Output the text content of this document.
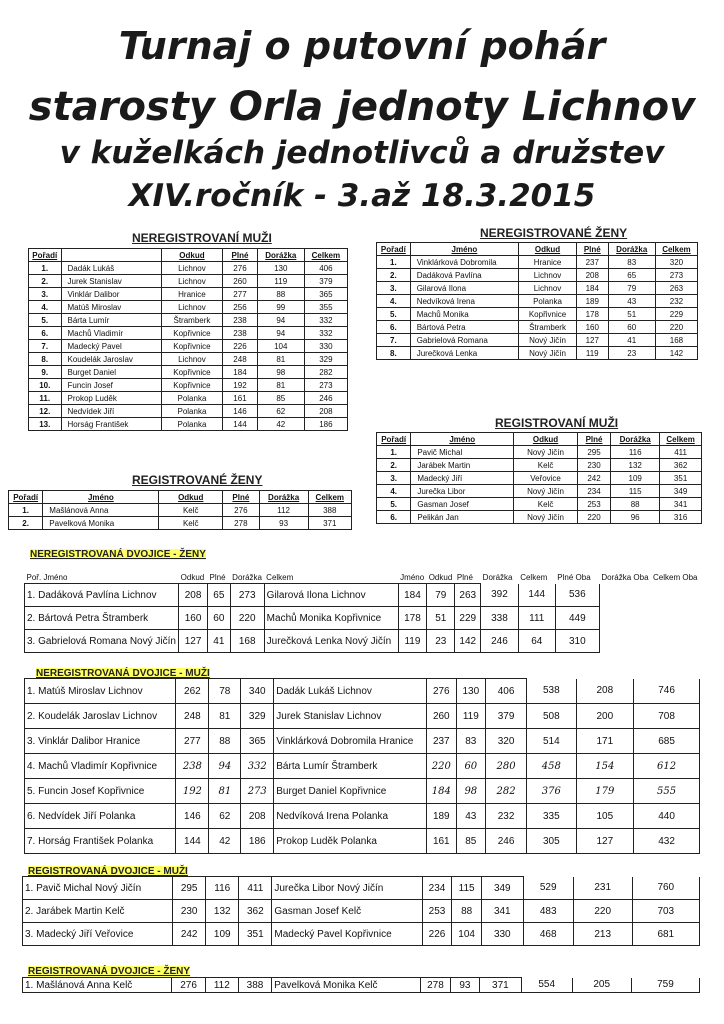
Turnaj o putovní pohár
starosty Orla jednoty Lichnov
v kuželkách jednotlivců a družstev
XIV.ročník - 3.až 18.3.2015
NEREGISTROVANÍ MUŽI
Pořadí		Odkud	Plné	Dorážka	Celkem
1.	Dadák Lukáš	Lichnov	276	130	406
2.	Jurek Stanislav	Lichnov	260	119	379
3.	Vinklár Dalibor	Hranice	277	88	365
4.	Matúš Miroslav	Lichnov	256	99	355
5.	Bárta Lumír	Štramberk	238	94	332
6.	Machů Vladimír	Kopřivnice	238	94	332
7.	Madecký Pavel	Kopřivnice	226	104	330
8.	Koudelák Jaroslav	Lichnov	248	81	329
9.	Burget Daniel	Kopřivnice	184	98	282
10.	Funcin Josef	Kopřivnice	192	81	273
11.	Prokop Luděk	Polanka	161	85	246
12.	Nedvídek Jiří	Polanka	146	62	208
13.	Horság František	Polanka	144	42	186
NEREGISTROVANÉ ŽENY
Pořadí	Jméno	Odkud	Plné	Dorážka	Celkem
1.	Vinklárková Dobromila	Hranice	237	83	320
2.	Dadáková Pavlína	Lichnov	208	65	273
3.	Gilarová Ilona	Lichnov	184	79	263
4.	Nedvíková Irena	Polanka	189	43	232
5.	Machů Monika	Kopřivnice	178	51	229
6.	Bártová Petra	Štramberk	160	60	220
7.	Gabrielová Romana	Nový Jičín	127	41	168
8.	Jurečková Lenka	Nový Jičín	119	23	142
REGISTROVANÍ MUŽI
Pořadí	Jméno	Odkud	Plné	Dorážka	Celkem
1.	Pavič Michal	Nový Jičín	295	116	411
2.	Jarábek Martin	Kelč	230	132	362
3.	Madecký Jiří	Veřovice	242	109	351
4.	Jurečka Libor	Nový Jičín	234	115	349
5.	Gasman Josef	Kelč	253	88	341
6.	Pelikán Jan	Nový Jičín	220	96	316
REGISTROVANÉ ŽENY
Pořadí	Jméno	Odkud	Plné	Dorážka	Celkem
1.	Mašlánová Anna	Kelč	276	112	388
2.	Pavelková Monika	Kelč	278	93	371
NEREGISTROVANÁ DVOJICE - ŽENY
Poř. Jméno	Odkud	Plné	Dorážka	Celkem	Jméno	Odkud	Plné	Dorážka	Celkem	Plné Oba	Dorážka Oba	Celkem Oba
1. Dadáková Pavlína Lichnov	208	65	273	Gilarová Ilona Lichnov	184	79	263	392	144	536		
2. Bártová Petra Štramberk	160	60	220	Machů Monika Kopřivnice	178	51	229	338	111	449		
3. Gabrielová Romana Nový Jičín	127	41	168	Jurečková Lenka Nový Jičín	119	23	142	246	64	310		
NEREGISTROVANÁ DVOJICE - MUŽI
1. Matúš Miroslav Lichnov	262	78	340	Dadák Lukáš Lichnov	276	130	406	538	208	746
2. Koudelák Jaroslav Lichnov	248	81	329	Jurek Stanislav Lichnov	260	119	379	508	200	708
3. Vinklár Dalibor Hranice	277	88	365	Vinklárková Dobromila Hranice	237	83	320	514	171	685
4. Machů Vladimír Kopřivnice	238	94	332	Bárta Lumír Štramberk	220	60	280	458	154	612
5. Funcin Josef Kopřivnice	192	81	273	Burget Daniel Kopřivnice	184	98	282	376	179	555
6. Nedvídek Jiří Polanka	146	62	208	Nedvíková Irena Polanka	189	43	232	335	105	440
7. Horság František Polanka	144	42	186	Prokop Luděk Polanka	161	85	246	305	127	432
REGISTROVANÁ DVOJICE - MUŽI
1. Pavič Michal Nový Jičín	295	116	411	Jurečka Libor Nový Jičín	234	115	349	529	231	760
2. Jarábek Martin Kelč	230	132	362	Gasman Josef Kelč	253	88	341	483	220	703
3. Madecký Jiří Veřovice	242	109	351	Madecký Pavel Kopřivnice	226	104	330	468	213	681
REGISTROVANÁ DVOJICE - ŽENY
1. Mašlánová Anna Kelč	276	112	388	Pavelková Monika Kelč	278	93	371	554	205	759
